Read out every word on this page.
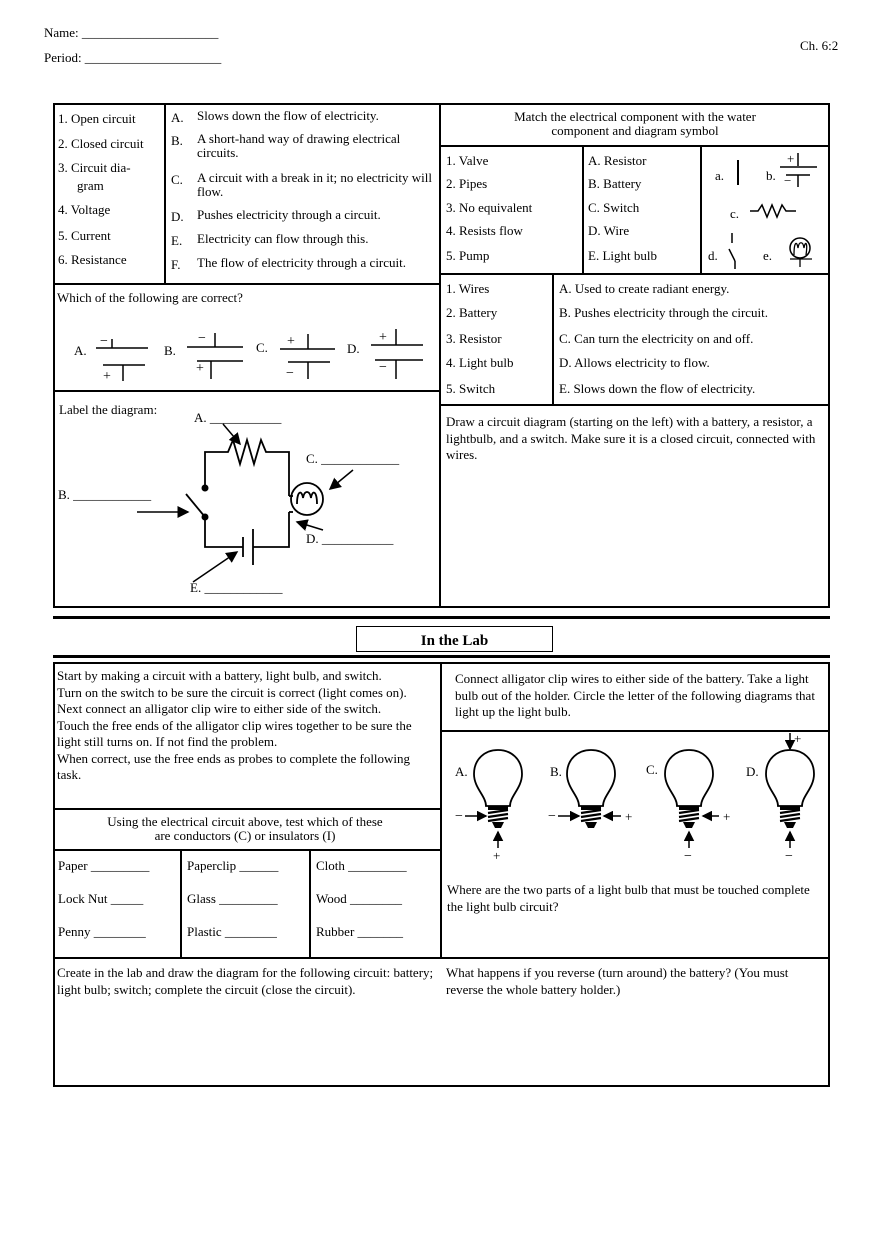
Name: _____________________
Period: _____________________
Ch. 6:2
1. Open circuit
2. Closed circuit
3. Circuit dia-
gram
4. Voltage
5. Current
6. Resistance
A. Slows down the flow of electricity.
B. A short-hand way of drawing electrical circuits.
C. A circuit with a break in it; no electricity will flow.
D. Pushes electricity through a circuit.
E. Electricity can flow through this.
F. The flow of electricity through a circuit.
Match the electrical component with the water component and diagram symbol
1. Valve
2. Pipes
3. No equivalent
4. Resists flow
5. Pump
A. Resistor
B. Battery
C. Switch
D. Wire
E. Light bulb
a.	b.
c.
d.	e.
+
−
Which of the following are correct?
A.	B.	C.	D.
−
+
−
+
+
−
+
−
1. Wires
2. Battery
3. Resistor
4. Light bulb
5. Switch
A. Used to create radiant energy.
B. Pushes electricity through the circuit.
C. Can turn the electricity on and off.
D. Allows electricity to flow.
E. Slows down the flow of electricity.
Label the diagram:
A. ___________
B. ____________
C. ____________
D. ___________
E. ____________
Draw a circuit diagram (starting on the left) with a battery, a resistor, a lightbulb, and a switch. Make sure it is a closed circuit, connected with wires.
In the Lab
Start by making a circuit with a battery, light bulb, and switch.
Turn on the switch to be sure the circuit is correct (light comes on).
Next connect an alligator clip wire to either side of the switch.
Touch the free ends of the alligator clip wires together to be sure the light still turns on. If not find the problem.
When correct, use the free ends as probes to complete the following task.
Connect alligator clip wires to either side of the battery. Take a light bulb out of the holder. Circle the letter of the following diagrams that light up the light bulb.
Using the electrical circuit above, test which of these are conductors (C) or insulators (I)
Paper _________	Paperclip ______	Cloth _________
Lock Nut _____	Glass _________	Wood ________
Penny ________	Plastic ________	Rubber _______
A.	B.	C.	D.
−
+
−	+	+
−
+
−
Where are the two parts of a light bulb that must be touched complete the light bulb circuit?
Create in the lab and draw the diagram for the following circuit: battery; light bulb; switch; complete the circuit (close the circuit).
What happens if you reverse (turn around) the battery? (You must reverse the whole battery holder.)
